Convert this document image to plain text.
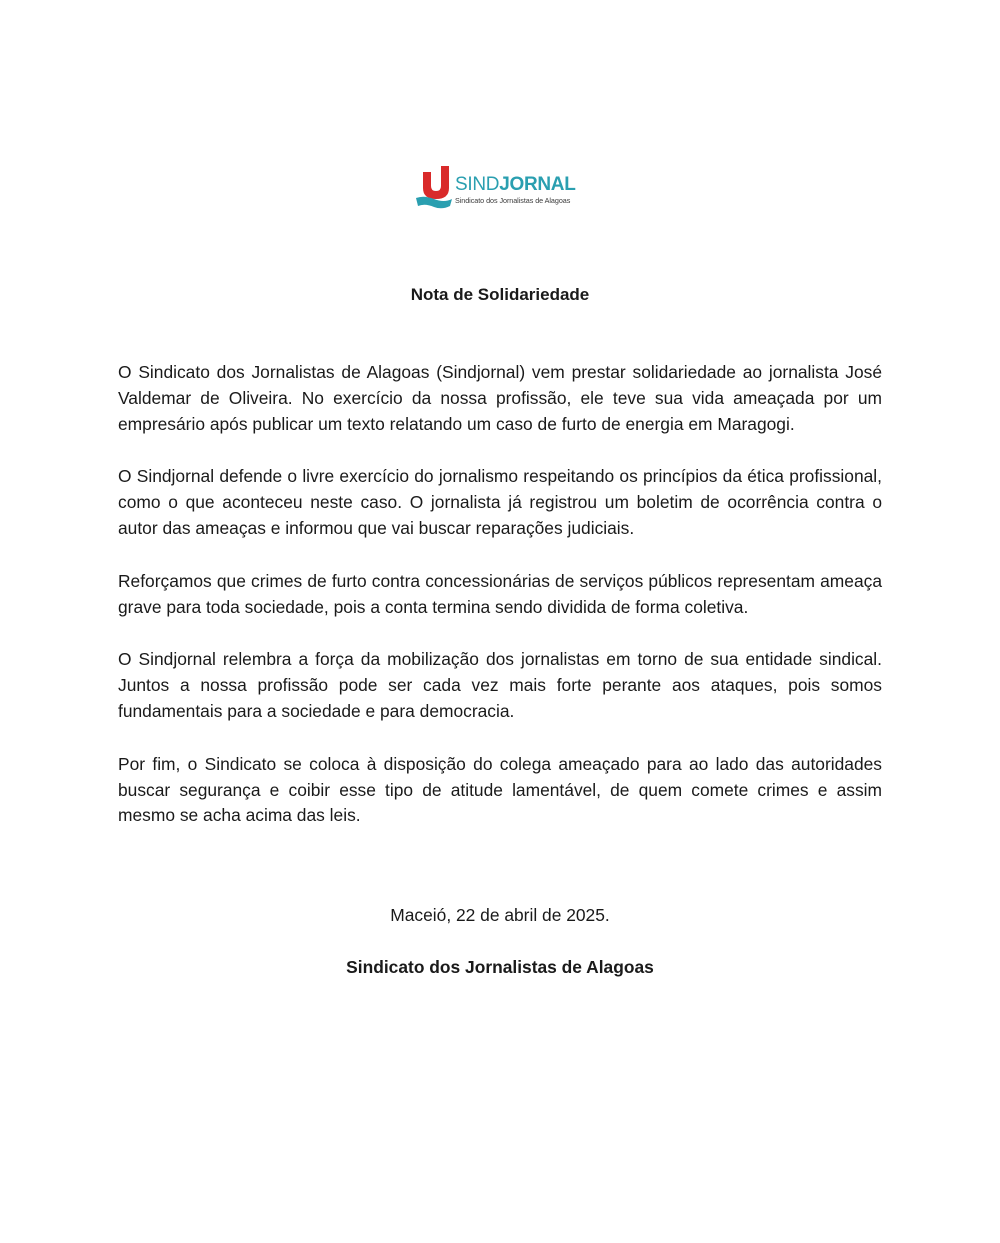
SINDJORNAL
Sindicato dos Jornalistas de Alagoas
Nota de Solidariedade

O Sindicato dos Jornalistas de Alagoas (Sindjornal) vem prestar solidariedade ao jornalista José Valdemar de Oliveira. No exercício da nossa profissão, ele teve sua vida ameaçada por um empresário após publicar um texto relatando um caso de furto de energia em Maragogi.

O Sindjornal defende o livre exercício do jornalismo respeitando os princípios da ética profissional, como o que aconteceu neste caso. O jornalista já registrou um boletim de ocorrência contra o autor das ameaças e informou que vai buscar reparações judiciais.

Reforçamos que crimes de furto contra concessionárias de serviços públicos representam ameaça grave para toda sociedade, pois a conta termina sendo dividida de forma coletiva.

O Sindjornal relembra a força da mobilização dos jornalistas em torno de sua entidade sindical. Juntos a nossa profissão pode ser cada vez mais forte perante aos ataques, pois somos fundamentais para a sociedade e para democracia.

Por fim, o Sindicato se coloca à disposição do colega ameaçado para ao lado das autoridades buscar segurança e coibir esse tipo de atitude lamentável, de quem comete crimes e assim mesmo se acha acima das leis.

Maceió, 22 de abril de 2025.

Sindicato dos Jornalistas de Alagoas
